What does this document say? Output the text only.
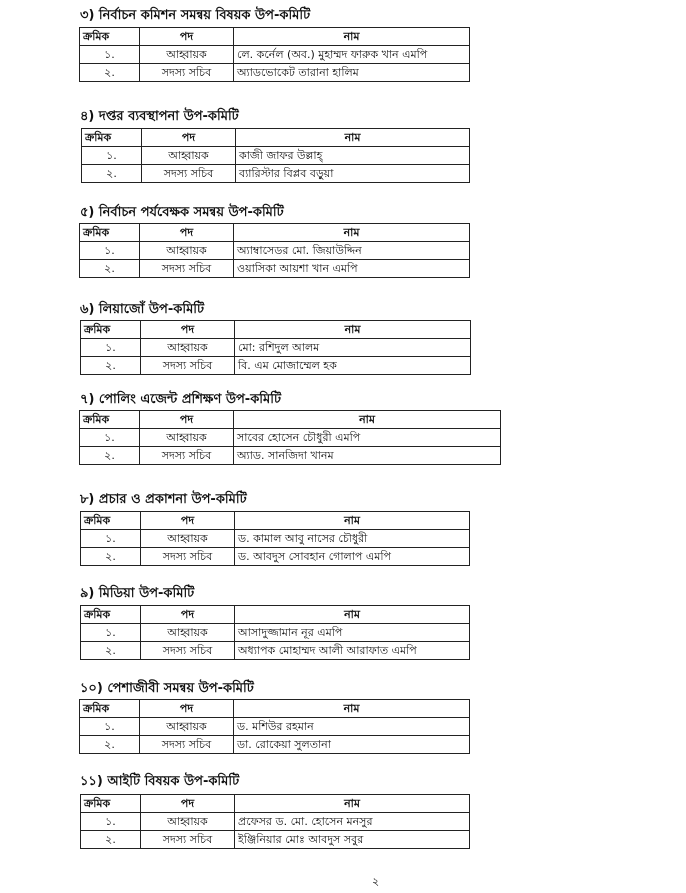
৩) নির্বাচন কমিশন সমন্বয় বিষয়ক উপ-কমিটি
ক্রমিক	পদ	নাম
১.	আহ্বায়ক	লে. কর্নেল (অব.) মুহাম্মদ ফারুক খান এমপি
২.	সদস্য সচিব	অ্যাডভোকেট তারানা হালিম
৪) দপ্তর ব্যবস্থাপনা উপ-কমিটি
ক্রমিক	পদ	নাম
১.	আহ্বায়ক	কাজী জাফর উল্লাহ্
২.	সদস্য সচিব	ব্যারিস্টার বিপ্লব বড়ুয়া
৫) নির্বাচন পর্যবেক্ষক সমন্বয় উপ-কমিটি
ক্রমিক	পদ	নাম
১.	আহ্বায়ক	অ্যাম্বাসেডর মো. জিয়াউদ্দিন
২.	সদস্য সচিব	ওয়াসিকা আয়শা খান এমপি
৬) লিয়াজোঁ উপ-কমিটি
ক্রমিক	পদ	নাম
১.	আহ্বায়ক	মো: রশিদুল আলম
২.	সদস্য সচিব	বি. এম মোজাম্মেল হক
৭) পোলিং এজেন্ট প্রশিক্ষণ উপ-কমিটি
ক্রমিক	পদ	নাম
১.	আহ্বায়ক	সাবের হোসেন চৌধুরী এমপি
২.	সদস্য সচিব	অ্যাড. সানজিদা খানম
৮) প্রচার ও প্রকাশনা উপ-কমিটি
ক্রমিক	পদ	নাম
১.	আহ্বায়ক	ড. কামাল আবু নাসের চৌধুরী
২.	সদস্য সচিব	ড. আবদুস সোবহান গোলাপ এমপি
৯) মিডিয়া উপ-কমিটি
ক্রমিক	পদ	নাম
১.	আহ্বায়ক	আসাদুজ্জামান নূর এমপি
২.	সদস্য সচিব	অধ্যাপক মোহাম্মদ আলী আরাফাত এমপি
১০) পেশাজীবী সমন্বয় উপ-কমিটি
ক্রমিক	পদ	নাম
১.	আহ্বায়ক	ড. মশিউর রহমান
২.	সদস্য সচিব	ডা. রোকেয়া সুলতানা
১১) আইটি বিষয়ক উপ-কমিটি
ক্রমিক	পদ	নাম
১.	আহ্বায়ক	প্রফেসর ড. মো. হোসেন মনসুর
২.	সদস্য সচিব	ইঞ্জিনিয়ার মোঃ আবদুস সবুর
২
